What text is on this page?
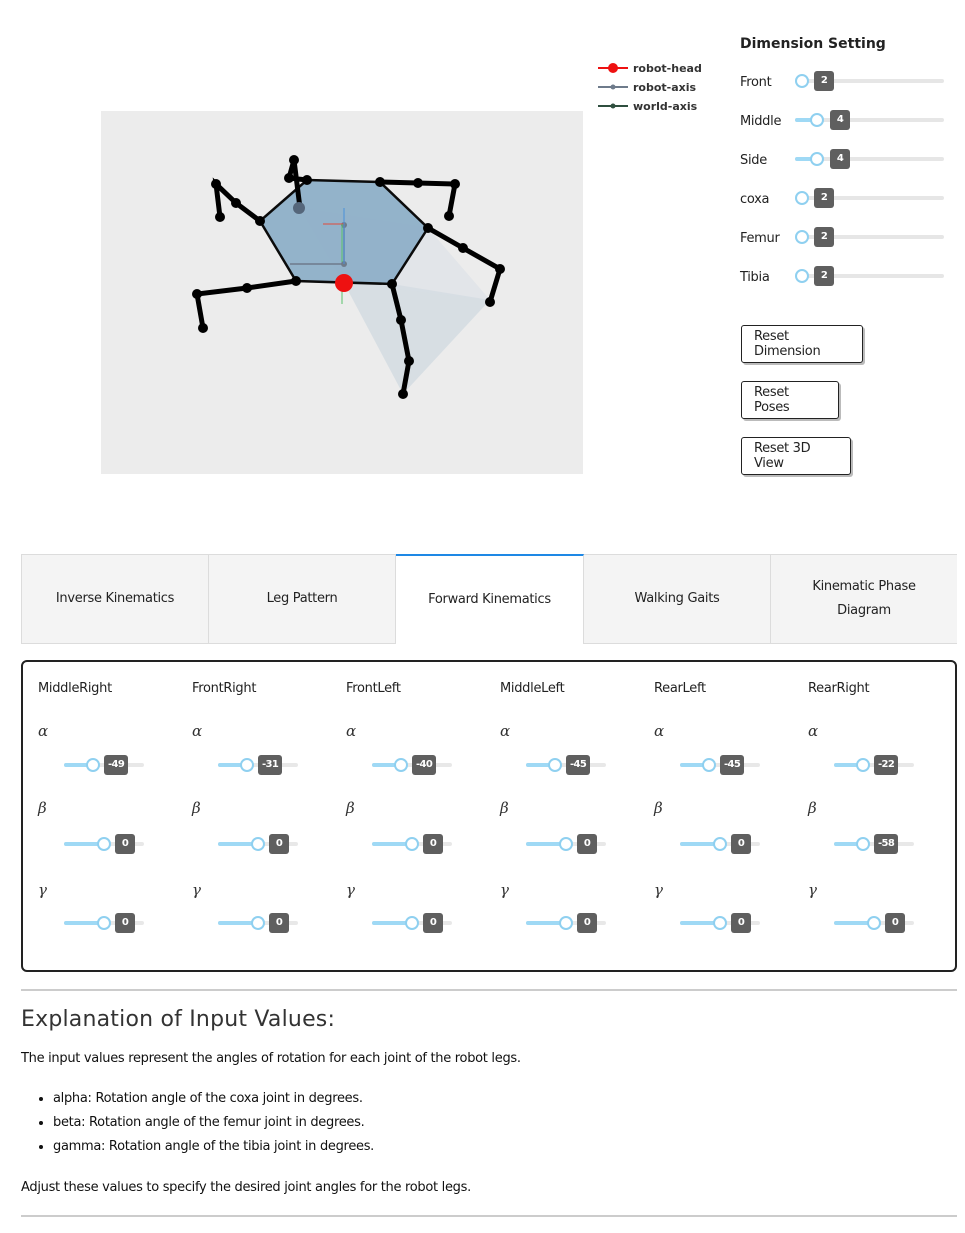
robot-head
robot-axis
world-axis
Dimension Setting
Front	2
Middle	4
Side	4
coxa	2
Femur	2
Tibia	2
Reset Dimension
Reset Poses
Reset 3D View
Inverse Kinematics	Leg Pattern	Forward Kinematics	Walking Gaits
Kinematic Phase Diagram
MiddleRight
α
-49
β
0
γ
0
FrontRight
α
-31
β
0
γ
0
FrontLeft
α
-40
β
0
γ
0
MiddleLeft
α
-45
β
0
γ
0
RearLeft
α
-45
β
0
γ
0
RearRight
α
-22
β
-58
γ
0
Explanation of Input Values:
The input values represent the angles of rotation for each joint of the robot legs.
• alpha: Rotation angle of the coxa joint in degrees.
• beta: Rotation angle of the femur joint in degrees.
• gamma: Rotation angle of the tibia joint in degrees.
Adjust these values to specify the desired joint angles for the robot legs.
